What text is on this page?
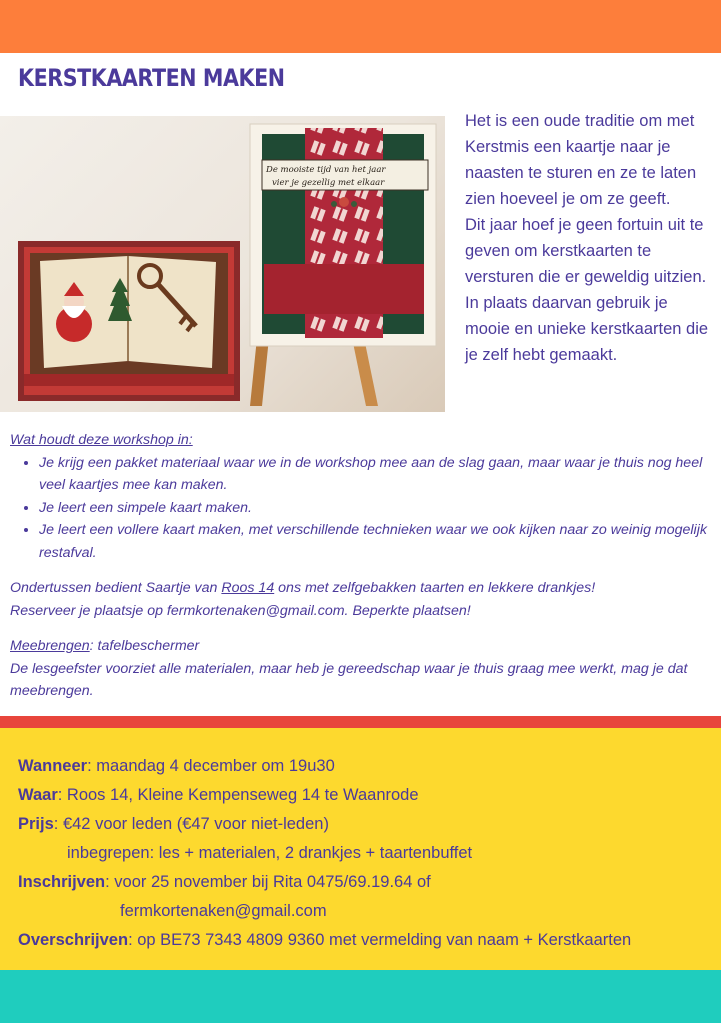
KERSTKAARTEN MAKEN
De mooiste tijd van het jaar
vier je gezellig met elkaar

Het is een oude traditie om met Kerstmis een kaartje naar je naasten te sturen en ze te laten zien hoeveel je om ze geeft.

Dit jaar hoef je geen fortuin uit te geven om kerstkaarten te versturen die er geweldig uitzien. In plaats daarvan gebruik je mooie en unieke kerstkaarten die je zelf hebt gemaakt.

Wat houdt deze workshop in:

• Je krijg een pakket materiaal waar we in de workshop mee aan de slag gaan, maar waar je thuis nog heel veel kaartjes mee kan maken.
• Je leert een simpele kaart maken.
• Je leert een vollere kaart maken, met verschillende technieken waar we ook kijken naar zo weinig mogelijk restafval.

Ondertussen bedient Saartje van Roos 14 ons met zelfgebakken taarten en lekkere drankjes!

Reserveer je plaatsje op fermkortenaken@gmail.com. Beperkte plaatsen!

Meebrengen: tafelbeschermer

De lesgeefster voorziet alle materialen, maar heb je gereedschap waar je thuis graag mee werkt, mag je dat meebrengen.

Wanneer: maandag 4 december om 19u30
Waar: Roos 14, Kleine Kempenseweg 14 te Waanrode
Prijs: €42 voor leden (€47 voor niet-leden)
inbegrepen: les + materialen, 2 drankjes + taartenbuffet
Inschrijven: voor 25 november bij Rita 0475/69.19.64 of
fermkortenaken@gmail.com
Overschrijven: op BE73 7343 4809 9360 met vermelding van naam + Kerstkaarten
